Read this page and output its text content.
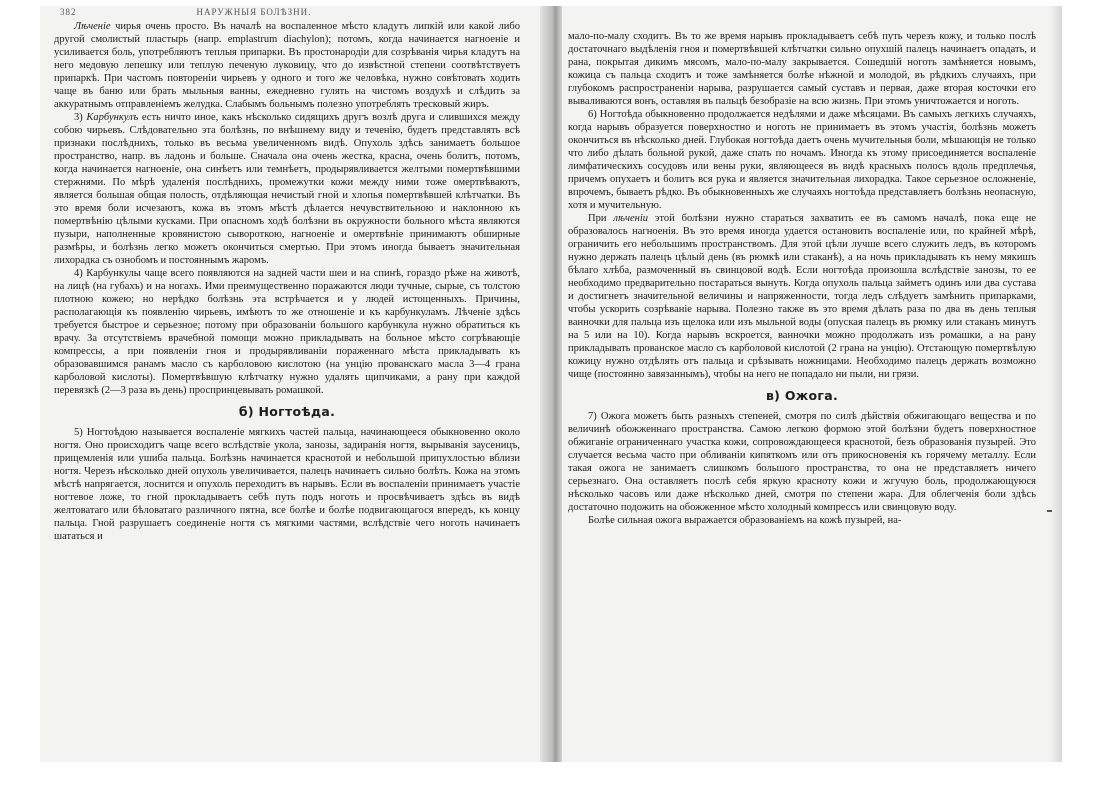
382	НАРУЖНЫЯ БОЛѢЗНИ.

Лѣченіе чирья очень просто. Въ началѣ на воспаленное мѣсто кладутъ липкій или какой либо другой смолистый пластырь (напр. emplastrum diachylon); потомъ, когда начинается нагноеніе и усиливается боль, употребляютъ теплыя припарки. Въ простонародіи для созрѣванія чирья кладутъ на него медовую лепешку или теплую печеную луковицу, что до извѣстной степени соотвѣтствуетъ припаркѣ. При частомъ повтореніи чирьевъ у одного и того же человѣка, нужно совѣтовать ходить чаще въ баню или брать мыльныя ванны, ежедневно гулять на чистомъ воздухѣ и слѣдить за аккуратнымъ отправленіемъ желудка. Слабымъ больнымъ полезно употреблять тресковый жиръ.

3) Карбункулъ есть ничто иное, какъ нѣсколько сидящихъ другъ возлѣ друга и слившихся между собою чирьевъ. Слѣдовательно эта болѣзнь, по внѣшнему виду и теченію, будетъ представлять всѣ признаки послѣднихъ, только въ весьма увеличенномъ видѣ. Опухоль здѣсь занимаетъ большое пространство, напр. въ ладонь и больше. Сначала она очень жестка, красна, очень болитъ, потомъ, когда начинается нагноеніе, она синѣетъ или темнѣетъ, продырявливается желтыми помертвѣвшими стержнями. По мѣрѣ удаленія послѣднихъ, промежутки кожи между ними тоже омертвѣваютъ, является большая общая полость, отдѣляющая нечистый гной и хлопья помертвѣвшей клѣтчатки. Въ это время боли исчезаютъ, кожа въ этомъ мѣстѣ дѣлается нечувствительною и наклонною къ помертвѣнію цѣлыми кусками. При опасномъ ходѣ болѣзни въ окружности больного мѣста являются пузыри, наполненные кровянистою сывороткою, нагноеніе и омертвѣніе принимаютъ обширные размѣры, и болѣзнь легко можетъ окончиться смертью. При этомъ иногда бываетъ значительная лихорадка съ ознобомъ и постояннымъ жаромъ.

4) Карбункулы чаще всего появляются на задней части шеи и на спинѣ, гораздо рѣже на животѣ, на лицѣ (на губахъ) и на ногахъ. Ими преимущественно поражаются люди тучные, сырые, съ толстою плотною кожею; но нерѣдко болѣзнь эта встрѣчается и у людей истощенныхъ. Причины, располагающія къ появленію чирьевъ, имѣютъ то же отношеніе и къ карбункуламъ. Лѣченіе здѣсь требуется быстрое и серьезное; потому при образованіи большого карбункула нужно обратиться къ врачу. За отсутствіемъ врачебной помощи можно прикладывать на больное мѣсто согрѣвающіе компрессы, а при появленіи гноя и продырявливаніи пораженнаго мѣста прикладывать къ образовавшимся ранамъ масло съ карболовою кислотою (на унцію прованскаго масла 3—4 грана карболовой кислоты). Помертвѣвшую клѣтчатку нужно удалять щипчиками, а рану при каждой перевязкѣ (2—3 раза въ день) проспринцевывать ромашкой.

б) Ногтоѣда.

5) Ногтоѣдою называется воспаленіе мягкихъ частей пальца, начинающееся обыкновенно около ногтя. Оно происходитъ чаще всего вслѣдствіе укола, занозы, задиранія ногтя, вырыванія заусеницъ, прищемленія или ушиба пальца. Болѣзнь начинается краснотой и небольшой припухлостью вблизи ногтя. Черезъ нѣсколько дней опухоль увеличивается, палецъ начинаетъ сильно болѣть. Кожа на этомъ мѣстѣ напрягается, лоснится и опухоль переходитъ въ нарывъ. Если въ воспаленіи принимаетъ участіе ногтевое ложе, то гной прокладываетъ себѣ путь подъ ноготь и просвѣчиваетъ здѣсь въ видѣ желтоватаго или бѣловатаго различного пятна, все болѣе и болѣе подвигающагося впередъ, къ концу пальца. Гной разрушаетъ соединеніе ногтя съ мягкими частями, вслѣдствіе чего ноготь начинаетъ шататься и

мало-по-малу сходитъ. Въ то же время нарывъ прокладываетъ себѣ путь черезъ кожу, и только послѣ достаточнаго выдѣленія гноя и помертвѣвшей клѣтчатки сильно опухшій палецъ начинаетъ опадать, и рана, покрытая дикимъ мясомъ, мало-по-малу закрывается. Сошедшій ноготь замѣняется новымъ, кожица съ пальца сходитъ и тоже замѣняется болѣе нѣжной и молодой, въ рѣдкихъ случаяхъ, при глубокомъ распространеніи нарыва, разрушается самый суставъ и первая, даже вторая косточки его вываливаются вонъ, оставляя въ пальцѣ безобразіе на всю жизнь. При этомъ уничтожается и ноготь.

6) Ногтоѣда обыкновенно продолжается недѣлями и даже мѣсяцами. Въ самыхъ легкихъ случаяхъ, когда нарывъ образуется поверхностно и ноготь не принимаетъ въ этомъ участія, болѣзнь можетъ окончиться въ нѣсколько дней. Глубокая ногтоѣда даетъ очень мучительныя боли, мѣшающія не только что либо дѣлать больной рукой, даже спать по ночамъ. Иногда къ этому присоединяется воспаленіе лимфатическихъ сосудовъ или вены руки, являющееся въ видѣ красныхъ полосъ вдоль предплечья, причемъ опухаетъ и болитъ вся рука и является значительная лихорадка. Такое серьезное осложненіе, впрочемъ, бываетъ рѣдко. Въ обыкновенныхъ же случаяхъ ногтоѣда представляетъ болѣзнь неопасную, хотя и мучительную.

При лѣченіи этой болѣзни нужно стараться захватить ее въ самомъ началѣ, пока еще не образовалось нагноенія. Въ это время иногда удается остановить воспаленіе или, по крайней мѣрѣ, ограничить его небольшимъ пространствомъ. Для этой цѣли лучше всего служить ледъ, въ которомъ нужно держать палецъ цѣлый день (въ рюмкѣ или стаканѣ), а на ночь прикладывать къ нему мякишъ бѣлаго хлѣба, размоченный въ свинцовой водѣ. Если ногтоѣда произошла вслѣдствіе занозы, то ее необходимо предварительно постараться вынуть. Когда опухоль пальца займетъ одинъ или два сустава и достигнетъ значительной величины и напряженности, тогда ледъ слѣдуетъ замѣнить припарками, чтобы ускорить созрѣваніе нарыва. Полезно также въ это время дѣлать раза по два въ день теплыя ванночки для пальца изъ щелока или изъ мыльной воды (опуская палецъ въ рюмку или стаканъ минутъ на 5 или на 10). Когда нарывъ вскроется, ванночки можно продолжать изъ ромашки, а на рану прикладывать прованское масло съ карболовой кислотой (2 грана на унцію). Отстающую помертвѣлую кожицу нужно отдѣлять отъ пальца и срѣзывать ножницами. Необходимо палецъ держать возможно чище (постоянно завязаннымъ), чтобы на него не попадало ни пыли, ни грязи.

в) Ожога.

7) Ожога можетъ быть разныхъ степеней, смотря по силѣ дѣйствія обжигающаго вещества и по величинѣ обожженнаго пространства. Самою легкою формою этой болѣзни будетъ поверхностное обжиганіе ограниченнаго участка кожи, сопровождающееся краснотой, безъ образованія пузырей. Это случается весьма часто при обливаніи кипяткомъ или отъ прикосновенія къ горячему металлу. Если такая ожога не занимаетъ слишкомъ большого пространства, то она не представляетъ ничего серьезнаго. Она оставляетъ послѣ себя яркую красноту кожи и жгучую боль, продолжающуюся нѣсколько часовъ или даже нѣсколько дней, смотря по степени жара. Для облегченія боли здѣсь достаточно подожить на обожженное мѣсто холодный компрессъ или свинцовую воду.

Болѣе сильная ожога выражается образованіемъ на кожѣ пузырей, на-
